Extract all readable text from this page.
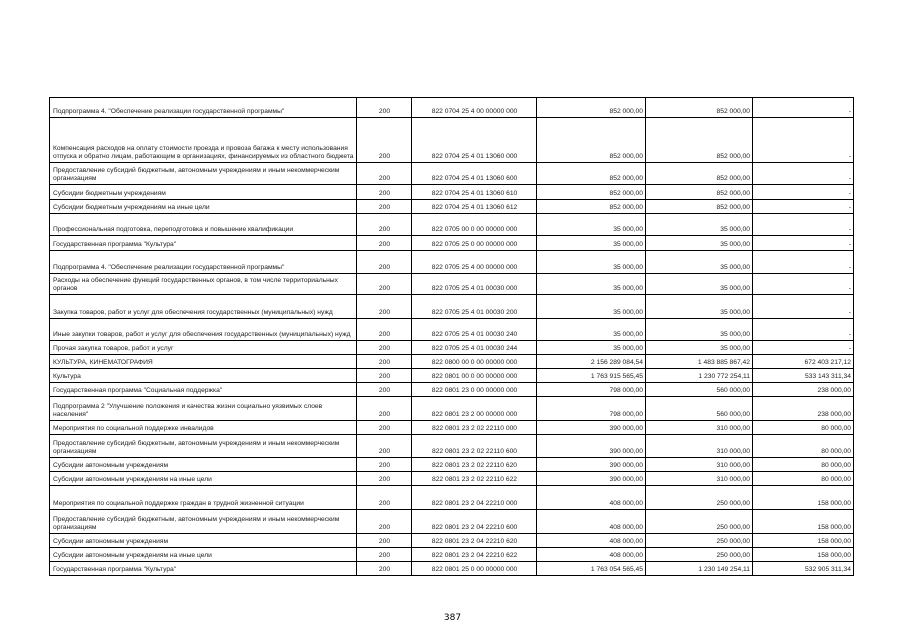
Подпрограмма 4. "Обеспечение реализации государственной программы"	200	822 0704 25 4 00 00000 000	852 000,00	852 000,00	-
Компенсация расходов на оплату стоимости проезда и провоза багажа к месту использования отпуска и обратно лицам, работающим в организациях, финансируемых из областного бюджета	200	822 0704 25 4 01 13060 000	852 000,00	852 000,00	-
Предоставление субсидий бюджетным, автономным учреждениям и иным некоммерческим организациям	200	822 0704 25 4 01 13060 600	852 000,00	852 000,00	-
Субсидии бюджетным учреждениям	200	822 0704 25 4 01 13060 610	852 000,00	852 000,00	-
Субсидии бюджетным учреждениям на иные цели	200	822 0704 25 4 01 13060 612	852 000,00	852 000,00	-
Профессиональная подготовка, переподготовка и повышение квалификации	200	822 0705 00 0 00 00000 000	35 000,00	35 000,00	-
Государственная программа "Культура"	200	822 0705 25 0 00 00000 000	35 000,00	35 000,00	-
Подпрограмма 4. "Обеспечение реализации государственной программы"	200	822 0705 25 4 00 00000 000	35 000,00	35 000,00	-
Расходы на обеспечение функций государственных органов, в том числе территориальных органов	200	822 0705 25 4 01 00030 000	35 000,00	35 000,00	-
Закупка товаров, работ и услуг для обеспечения государственных (муниципальных) нужд	200	822 0705 25 4 01 00030 200	35 000,00	35 000,00	-
Иные закупки товаров, работ и услуг для обеспечения государственных (муниципальных) нужд	200	822 0705 25 4 01 00030 240	35 000,00	35 000,00	-
Прочая закупка товаров, работ и услуг	200	822 0705 25 4 01 00030 244	35 000,00	35 000,00	-
КУЛЬТУРА, КИНЕМАТОГРАФИЯ	200	822 0800 00 0 00 00000 000	2 156 289 084,54	1 483 885 867,42	672 403 217,12
Культура	200	822 0801 00 0 00 00000 000	1 763 915 565,45	1 230 772 254,11	533 143 311,34
Государственная программа "Социальная поддержка"	200	822 0801 23 0 00 00000 000	798 000,00	560 000,00	238 000,00
Подпрограмма 2 "Улучшение положения и качества жизни социально уязвимых слоев населения"	200	822 0801 23 2 00 00000 000	798 000,00	560 000,00	238 000,00
Мероприятия по социальной поддержке инвалидов	200	822 0801 23 2 02 22110 000	390 000,00	310 000,00	80 000,00
Предоставление субсидий бюджетным, автономным учреждениям и иным некоммерческим организациям	200	822 0801 23 2 02 22110 600	390 000,00	310 000,00	80 000,00
Субсидии автономным учреждениям	200	822 0801 23 2 02 22110 620	390 000,00	310 000,00	80 000,00
Субсидии автономным учреждениям на иные цели	200	822 0801 23 2 02 22110 622	390 000,00	310 000,00	80 000,00
Мероприятия по социальной поддержке граждан в трудной жизненной ситуации	200	822 0801 23 2 04 22210 000	408 000,00	250 000,00	158 000,00
Предоставление субсидий бюджетным, автономным учреждениям и иным некоммерческим организациям	200	822 0801 23 2 04 22210 600	408 000,00	250 000,00	158 000,00
Субсидии автономным учреждениям	200	822 0801 23 2 04 22210 620	408 000,00	250 000,00	158 000,00
Субсидии автономным учреждениям на иные цели	200	822 0801 23 2 04 22210 622	408 000,00	250 000,00	158 000,00
Государственная программа "Культура"	200	822 0801 25 0 00 00000 000	1 763 054 565,45	1 230 149 254,11	532 905 311,34
387
